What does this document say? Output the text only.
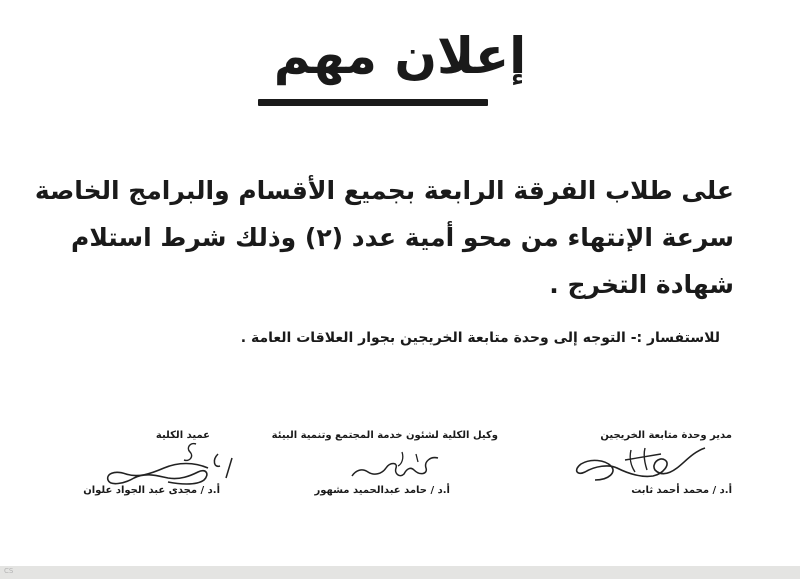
إعلان مهم
على طلاب الفرقة الرابعة بجميع الأقسام والبرامج الخاصة
سرعة الإنتهاء من محو أمية عدد (٢) وذلك شرط استلام
شهادة التخرج .
للاستفسار :- التوجه إلى وحدة متابعة الخريجين بجوار العلاقات العامة .
مدير وحدة متابعة الخريجين
أ.د / محمد أحمد ثابت
وكيل الكلية لشئون خدمة المجتمع وتنمية البيئة
أ.د / حامد عبدالحميد مشهور
عميد الكلية
أ.د / مجدى عبد الجواد علوان
CS
